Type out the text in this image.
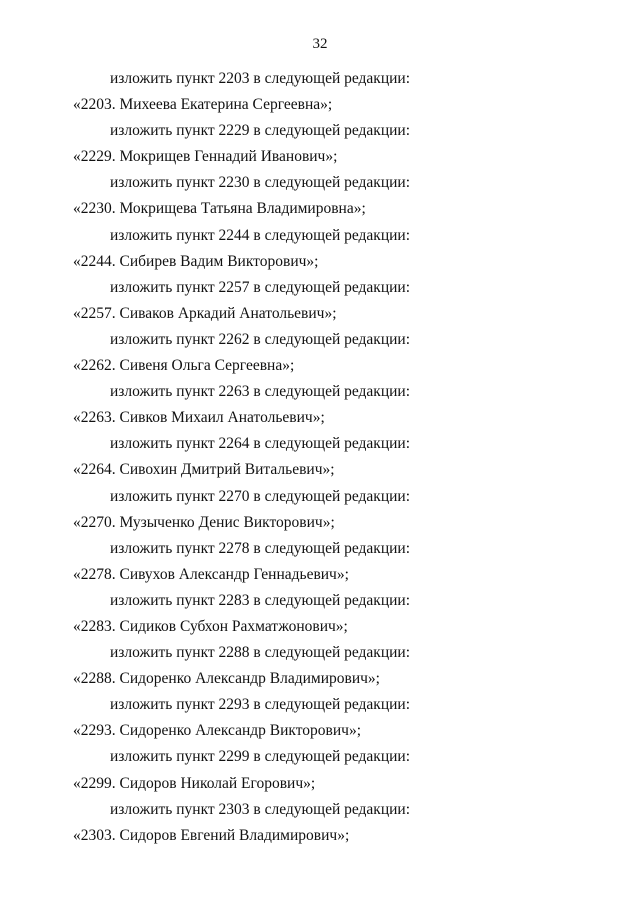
32
изложить пункт 2203 в следующей редакции:
«2203. Михеева Екатерина Сергеевна»;
изложить пункт 2229 в следующей редакции:
«2229. Мокрищев Геннадий Иванович»;
изложить пункт 2230 в следующей редакции:
«2230. Мокрищева Татьяна Владимировна»;
изложить пункт 2244 в следующей редакции:
«2244. Сибирев Вадим Викторович»;
изложить пункт 2257 в следующей редакции:
«2257. Сиваков Аркадий Анатольевич»;
изложить пункт 2262 в следующей редакции:
«2262. Сивеня Ольга Сергеевна»;
изложить пункт 2263 в следующей редакции:
«2263. Сивков Михаил Анатольевич»;
изложить пункт 2264 в следующей редакции:
«2264. Сивохин Дмитрий Витальевич»;
изложить пункт 2270 в следующей редакции:
«2270. Музыченко Денис Викторович»;
изложить пункт 2278 в следующей редакции:
«2278. Сивухов Александр Геннадьевич»;
изложить пункт 2283 в следующей редакции:
«2283. Сидиков Субхон Рахматжонович»;
изложить пункт 2288 в следующей редакции:
«2288. Сидоренко Александр Владимирович»;
изложить пункт 2293 в следующей редакции:
«2293. Сидоренко Александр Викторович»;
изложить пункт 2299 в следующей редакции:
«2299. Сидоров Николай Егорович»;
изложить пункт 2303 в следующей редакции:
«2303. Сидоров Евгений Владимирович»;
